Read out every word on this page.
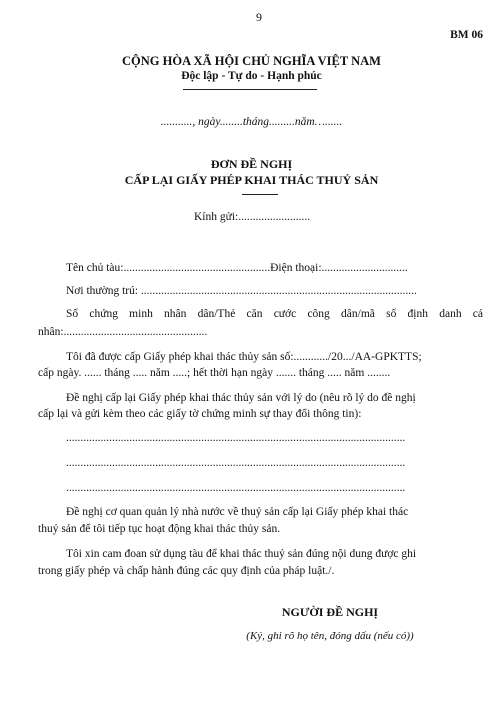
9
BM 06
CỘNG HÒA XÃ HỘI CHỦ NGHĨA VIỆT NAM
Độc lập - Tự do - Hạnh phúc
..........., ngày........tháng.........năm…......
ĐƠN ĐỀ NGHỊ
CẤP LẠI GIẤY PHÉP KHAI THÁC THUỶ SẢN
Kính gửi:.........................
Tên chủ tàu:...................................................Điện thoại:..............................
Nơi thường trú: ................................................................................................
Số chứng minh nhân dân/Thẻ căn cước công dân/mã số định danh cá
nhân:..................................................
Tôi đã được cấp Giấy phép khai thác thủy sản số:............/20.../AA-GPKTTS;
cấp ngày. ...... tháng ..... năm .....; hết thời hạn ngày ....... tháng ..... năm ........
Đề nghị cấp lại Giấy phép khai thác thủy sản với lý do (nêu rõ lý do đề nghị
cấp lại và gửi kèm theo các giấy tờ chứng minh sự thay đổi thông tin):
......................................................................................................................
......................................................................................................................
......................................................................................................................
Đề nghị cơ quan quản lý nhà nước về thuỷ sản cấp lại Giấy phép khai thác
thuỷ sản để tôi tiếp tục hoạt động khai thác thủy sản.
Tôi xin cam đoan sử dụng tàu để khai thác thuỷ sản đúng nội dung được ghi
trong giấy phép và chấp hành đúng các quy định của pháp luật./.
NGƯỜI ĐỀ NGHỊ
(Ký, ghi rõ họ tên, đóng dấu (nếu có))
